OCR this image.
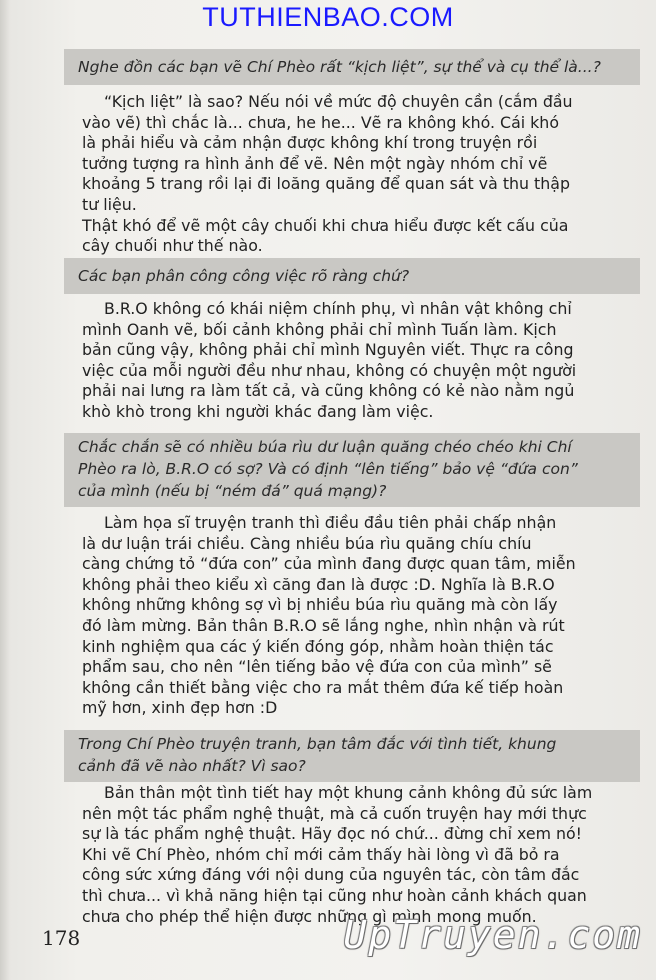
TUTHIENBAO.COM
Nghe đồn các bạn vẽ Chí Phèo rất “kịch liệt”, sự thể và cụ thể là...?

“Kịch liệt” là sao? Nếu nói về mức độ chuyên cần (cắm đầu

vào vẽ) thì chắc là... chưa, he he... Vẽ ra không khó. Cái khó

là phải hiểu và cảm nhận được không khí trong truyện rồi

tưởng tượng ra hình ảnh để vẽ. Nên một ngày nhóm chỉ vẽ

khoảng 5 trang rồi lại đi loăng quăng để quan sát và thu thập

tư liệu.

Thật khó để vẽ một cây chuối khi chưa hiểu được kết cấu của

cây chuối như thế nào.

Các bạn phân công công việc rõ ràng chứ?

B.R.O không có khái niệm chính phụ, vì nhân vật không chỉ

mình Oanh vẽ, bối cảnh không phải chỉ mình Tuấn làm. Kịch

bản cũng vậy, không phải chỉ mình Nguyên viết. Thực ra công

việc của mỗi người đều như nhau, không có chuyện một người

phải nai lưng ra làm tất cả, và cũng không có kẻ nào nằm ngủ

khò khò trong khi người khác đang làm việc.

Chắc chắn sẽ có nhiều búa rìu dư luận quăng chéo chéo khi Chí
Phèo ra lò, B.R.O có sợ? Và có định “lên tiếng” bảo vệ “đứa con”
của mình (nếu bị “ném đá” quá mạng)?

Làm họa sĩ truyện tranh thì điều đầu tiên phải chấp nhận

là dư luận trái chiều. Càng nhiều búa rìu quăng chíu chíu

càng chứng tỏ “đứa con” của mình đang được quan tâm, miễn

không phải theo kiểu xì căng đan là được :D. Nghĩa là B.R.O

không những không sợ vì bị nhiều búa rìu quăng mà còn lấy

đó làm mừng. Bản thân B.R.O sẽ lắng nghe, nhìn nhận và rút

kinh nghiệm qua các ý kiến đóng góp, nhằm hoàn thiện tác

phẩm sau, cho nên “lên tiếng bảo vệ đứa con của mình” sẽ

không cần thiết bằng việc cho ra mắt thêm đứa kế tiếp hoàn

mỹ hơn, xinh đẹp hơn :D

Trong Chí Phèo truyện tranh, bạn tâm đắc với tình tiết, khung
cảnh đã vẽ nào nhất? Vì sao?

Bản thân một tình tiết hay một khung cảnh không đủ sức làm

nên một tác phẩm nghệ thuật, mà cả cuốn truyện hay mới thực

sự là tác phẩm nghệ thuật. Hãy đọc nó chứ... đừng chỉ xem nó!

Khi vẽ Chí Phèo, nhóm chỉ mới cảm thấy hài lòng vì đã bỏ ra

công sức xứng đáng với nội dung của nguyên tác, còn tâm đắc

thì chưa... vì khả năng hiện tại cũng như hoàn cảnh khách quan

chưa cho phép thể hiện được những gì mình mong muốn.

178	UpTruyen.com
